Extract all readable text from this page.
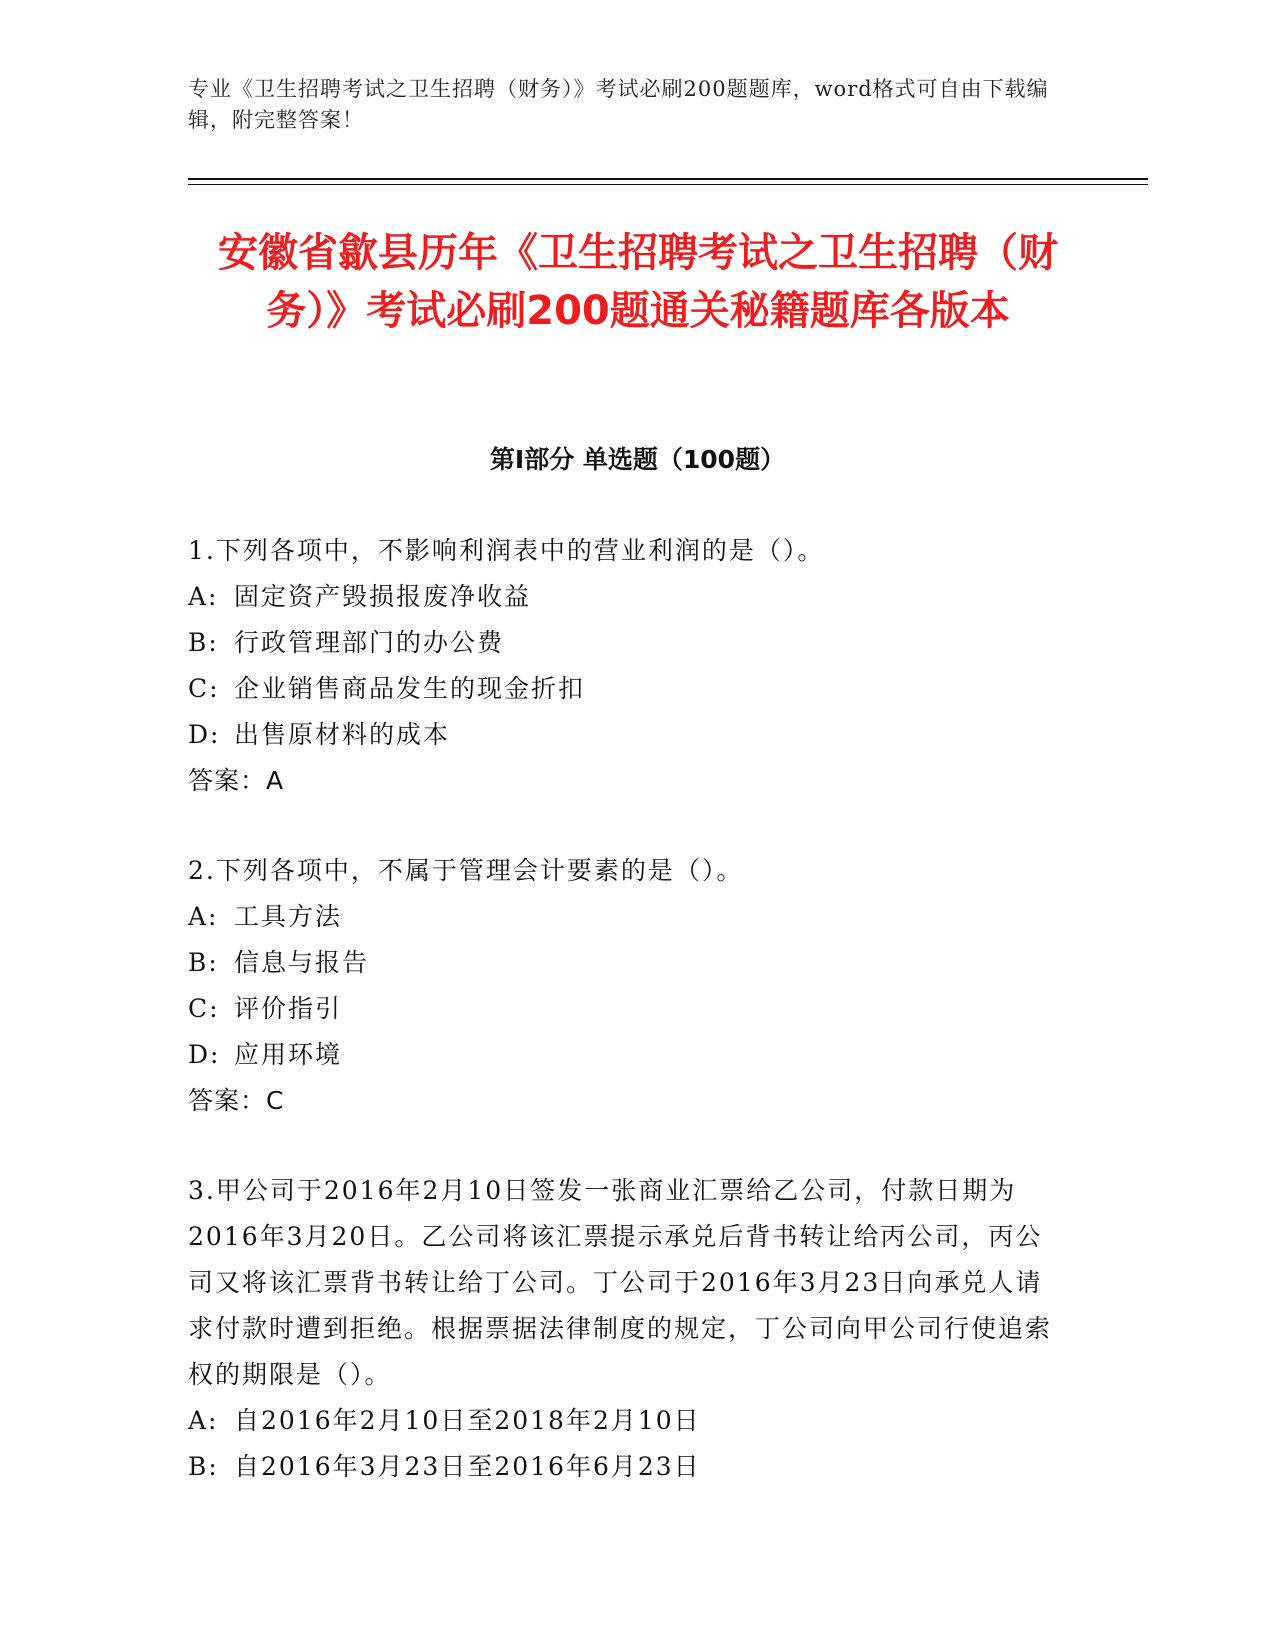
专业《卫生招聘考试之卫生招聘（财务）》考试必刷200题题库，word格式可自由下载编辑，附完整答案！
安徽省歙县历年《卫生招聘考试之卫生招聘（财务）》考试必刷200题通关秘籍题库各版本
第I部分 单选题（100题）
1.下列各项中，不影响利润表中的营业利润的是（）。
A: 固定资产毁损报废净收益
B: 行政管理部门的办公费
C: 企业销售商品发生的现金折扣
D: 出售原材料的成本
答案：A
2.下列各项中，不属于管理会计要素的是（）。
A: 工具方法
B: 信息与报告
C: 评价指引
D: 应用环境
答案：C
3.甲公司于2016年2月10日签发一张商业汇票给乙公司，付款日期为2016年3月20日。乙公司将该汇票提示承兑后背书转让给丙公司，丙公司又将该汇票背书转让给丁公司。丁公司于2016年3月23日向承兑人请求付款时遭到拒绝。根据票据法律制度的规定，丁公司向甲公司行使追索权的期限是（）。
A: 自2016年2月10日至2018年2月10日
B: 自2016年3月23日至2016年6月23日
